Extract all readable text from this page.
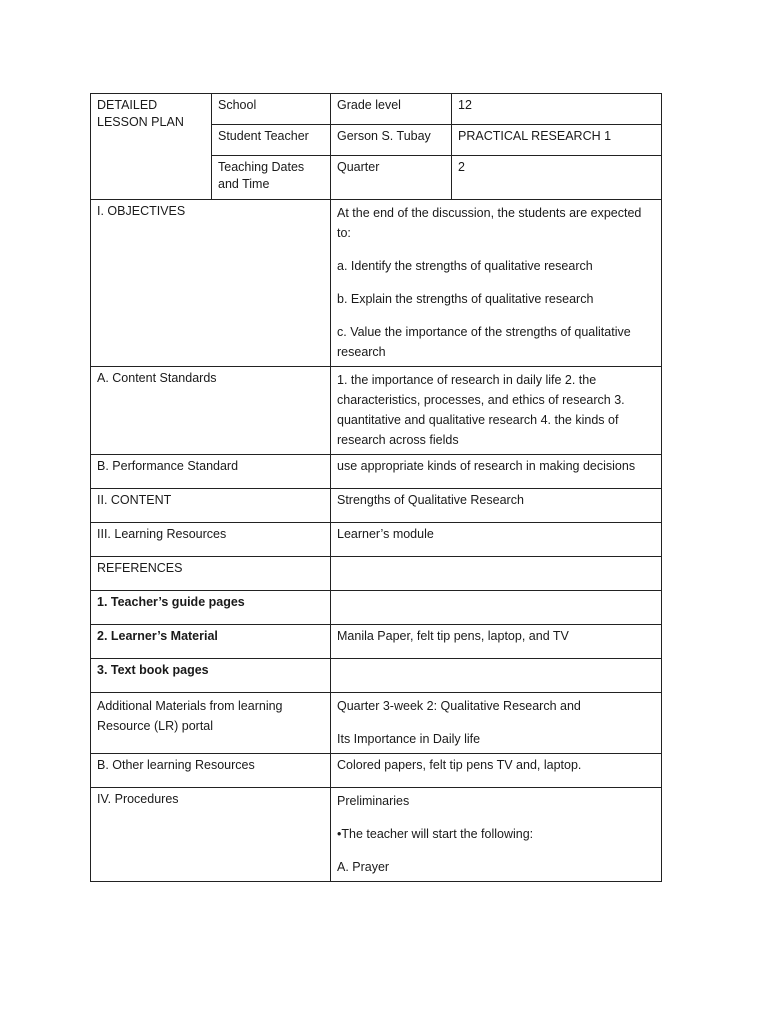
DETAILED LESSON PLAN	School	Grade level	12
	Student Teacher	Gerson S. Tubay	PRACTICAL RESEARCH 1
	Teaching Dates and Time	Quarter	2
I. OBJECTIVES		At the end of the discussion, the students are expected to:

a. Identify the strengths of qualitative research

b. Explain the strengths of qualitative research

c. Value the importance of the strengths of qualitative research	

A. Content Standards		1. the importance of research in daily life 2. the characteristics, processes, and ethics of research 3. quantitative and qualitative research 4. the kinds of research across fields	

B. Performance Standard		use appropriate kinds of research in making decisions	
II. CONTENT		Strengths of Qualitative Research	
III. Learning Resources		Learner’s module	
REFERENCES			
1. Teacher’s guide pages			
2. Learner’s Material		Manila Paper, felt tip pens, laptop, and TV	
3. Text book pages			

Additional Materials from learning Resource (LR) portal		Quarter 3-week 2: Qualitative Research and

Its Importance in Daily life	

B. Other learning Resources		Colored papers, felt tip pens TV and, laptop.	
IV. Procedures		Preliminaries

•The teacher will start the following:

A. Prayer	
